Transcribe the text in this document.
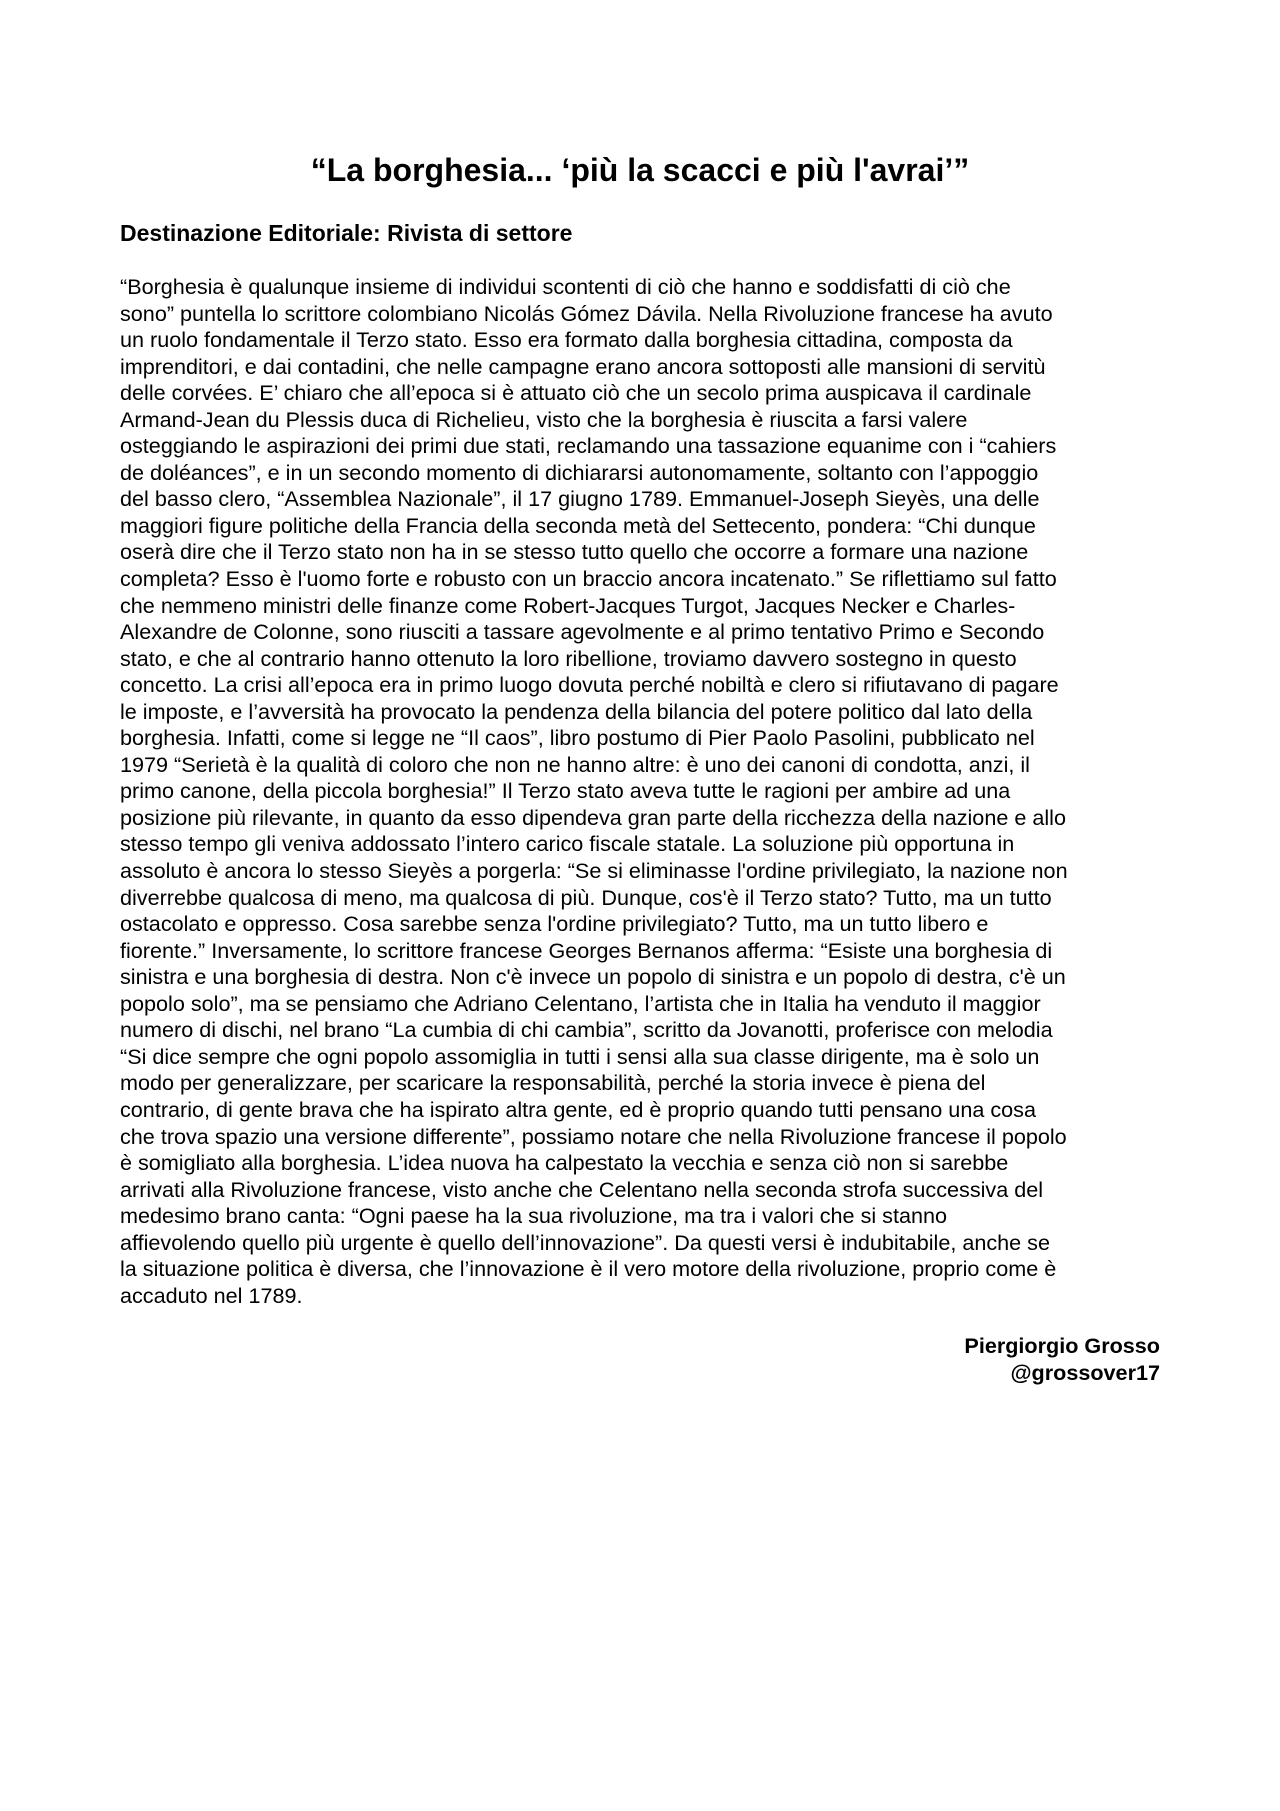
“La borghesia... ‘più la scacci e più l'avrai’”
Destinazione Editoriale: Rivista di settore
“Borghesia è qualunque insieme di individui scontenti di ciò che hanno e soddisfatti di ciò che
sono” puntella lo scrittore colombiano Nicolás Gómez Dávila. Nella Rivoluzione francese ha avuto
un ruolo fondamentale il Terzo stato. Esso era formato dalla borghesia cittadina, composta da
imprenditori, e dai contadini, che nelle campagne erano ancora sottoposti alle mansioni di servitù
delle corvées. E’ chiaro che all’epoca si è attuato ciò che un secolo prima auspicava il cardinale
Armand-Jean du Plessis duca di Richelieu, visto che la borghesia è riuscita a farsi valere
osteggiando le aspirazioni dei primi due stati, reclamando una tassazione equanime con i “cahiers
de doléances”, e in un secondo momento di dichiararsi autonomamente, soltanto con l’appoggio
del basso clero, “Assemblea Nazionale”, il 17 giugno 1789. Emmanuel-Joseph Sieyès, una delle
maggiori figure politiche della Francia della seconda metà del Settecento, pondera: “Chi dunque
oserà dire che il Terzo stato non ha in se stesso tutto quello che occorre a formare una nazione
completa? Esso è l'uomo forte e robusto con un braccio ancora incatenato.” Se riflettiamo sul fatto
che nemmeno ministri delle finanze come Robert-Jacques Turgot, Jacques Necker e Charles-
Alexandre de Colonne, sono riusciti a tassare agevolmente e al primo tentativo Primo e Secondo
stato, e che al contrario hanno ottenuto la loro ribellione, troviamo davvero sostegno in questo
concetto. La crisi all’epoca era in primo luogo dovuta perché nobiltà e clero si rifiutavano di pagare
le imposte, e l’avversità ha provocato la pendenza della bilancia del potere politico dal lato della
borghesia. Infatti, come si legge ne “Il caos”, libro postumo di Pier Paolo Pasolini, pubblicato nel
1979 “Serietà è la qualità di coloro che non ne hanno altre: è uno dei canoni di condotta, anzi, il
primo canone, della piccola borghesia!” Il Terzo stato aveva tutte le ragioni per ambire ad una
posizione più rilevante, in quanto da esso dipendeva gran parte della ricchezza della nazione e allo
stesso tempo gli veniva addossato l’intero carico fiscale statale. La soluzione più opportuna in
assoluto è ancora lo stesso Sieyès a porgerla: “Se si eliminasse l'ordine privilegiato, la nazione non
diverrebbe qualcosa di meno, ma qualcosa di più. Dunque, cos'è il Terzo stato? Tutto, ma un tutto
ostacolato e oppresso. Cosa sarebbe senza l'ordine privilegiato? Tutto, ma un tutto libero e
fiorente.” Inversamente, lo scrittore francese Georges Bernanos afferma: “Esiste una borghesia di
sinistra e una borghesia di destra. Non c'è invece un popolo di sinistra e un popolo di destra, c'è un
popolo solo”, ma se pensiamo che Adriano Celentano, l’artista che in Italia ha venduto il maggior
numero di dischi, nel brano “La cumbia di chi cambia”, scritto da Jovanotti, proferisce con melodia
“Si dice sempre che ogni popolo assomiglia in tutti i sensi alla sua classe dirigente, ma è solo un
modo per generalizzare, per scaricare la responsabilità, perché la storia invece è piena del
contrario, di gente brava che ha ispirato altra gente, ed è proprio quando tutti pensano una cosa
che trova spazio una versione differente”, possiamo notare che nella Rivoluzione francese il popolo
è somigliato alla borghesia. L’idea nuova ha calpestato la vecchia e senza ciò non si sarebbe
arrivati alla Rivoluzione francese, visto anche che Celentano nella seconda strofa successiva del
medesimo brano canta: “Ogni paese ha la sua rivoluzione, ma tra i valori che si stanno
affievolendo quello più urgente è quello dell’innovazione”. Da questi versi è indubitabile, anche se
la situazione politica è diversa, che l’innovazione è il vero motore della rivoluzione, proprio come è
accaduto nel 1789.
Piergiorgio Grosso
@grossover17
